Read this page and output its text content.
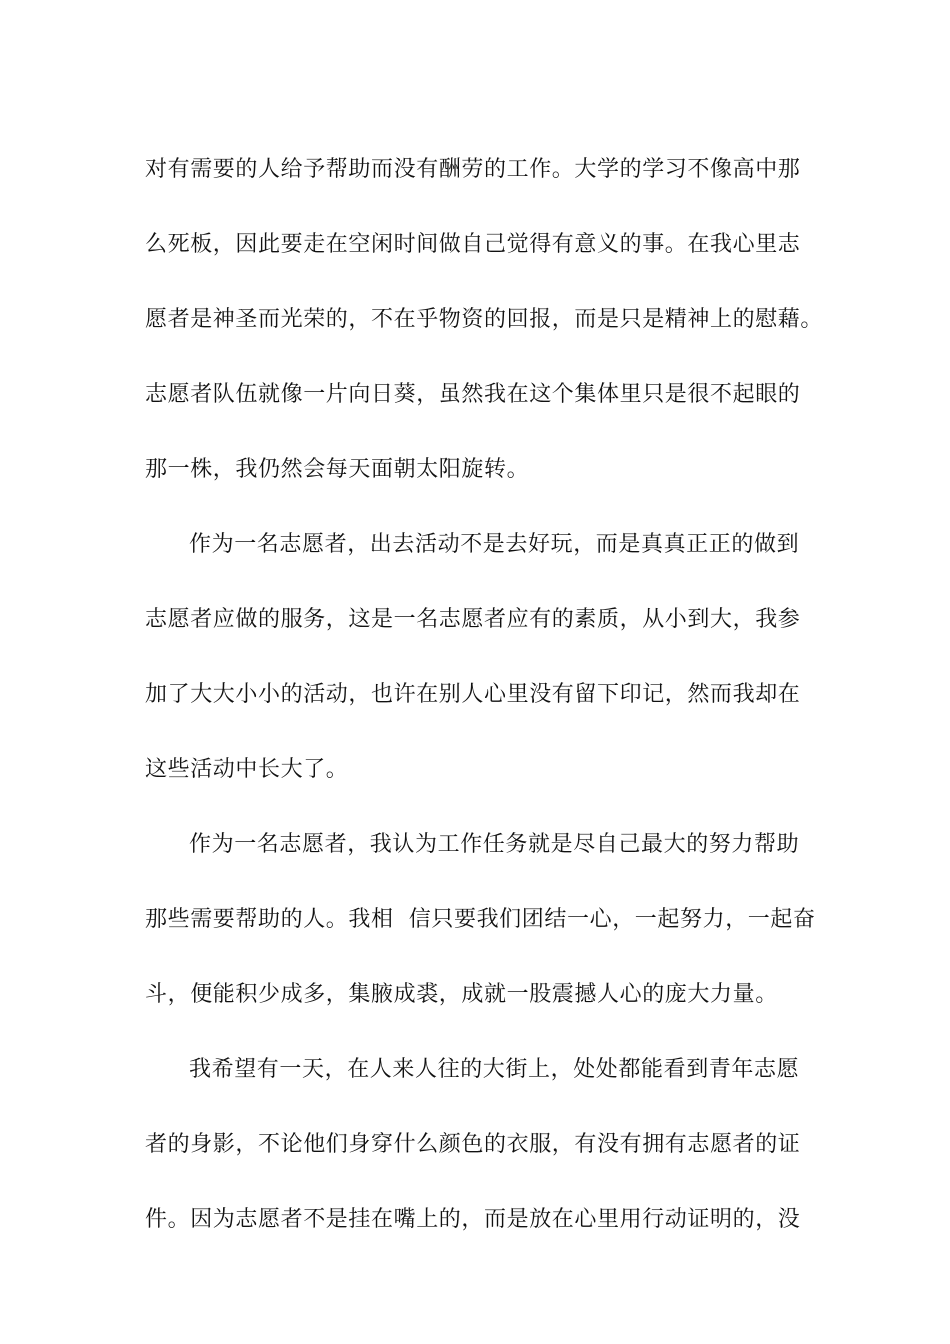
对有需要的人给予帮助而没有酬劳的工作。大学的学习不像高中那
么死板，因此要走在空闲时间做自己觉得有意义的事。在我心里志
愿者是神圣而光荣的，不在乎物资的回报，而是只是精神上的慰藉。
志愿者队伍就像一片向日葵，虽然我在这个集体里只是很不起眼的
那一株，我仍然会每天面朝太阳旋转。
作为一名志愿者，出去活动不是去好玩，而是真真正正的做到
志愿者应做的服务，这是一名志愿者应有的素质，从小到大，我参
加了大大小小的活动，也许在别人心里没有留下印记，然而我却在
这些活动中长大了。
作为一名志愿者，我认为工作任务就是尽自己最大的努力帮助
那些需要帮助的人。我相  信只要我们团结一心，一起努力，一起奋
斗，便能积少成多，集腋成裘，成就一股震撼人心的庞大力量。
我希望有一天，在人来人往的大街上，处处都能看到青年志愿
者的身影，不论他们身穿什么颜色的衣服，有没有拥有志愿者的证
件。因为志愿者不是挂在嘴上的，而是放在心里用行动证明的，没
